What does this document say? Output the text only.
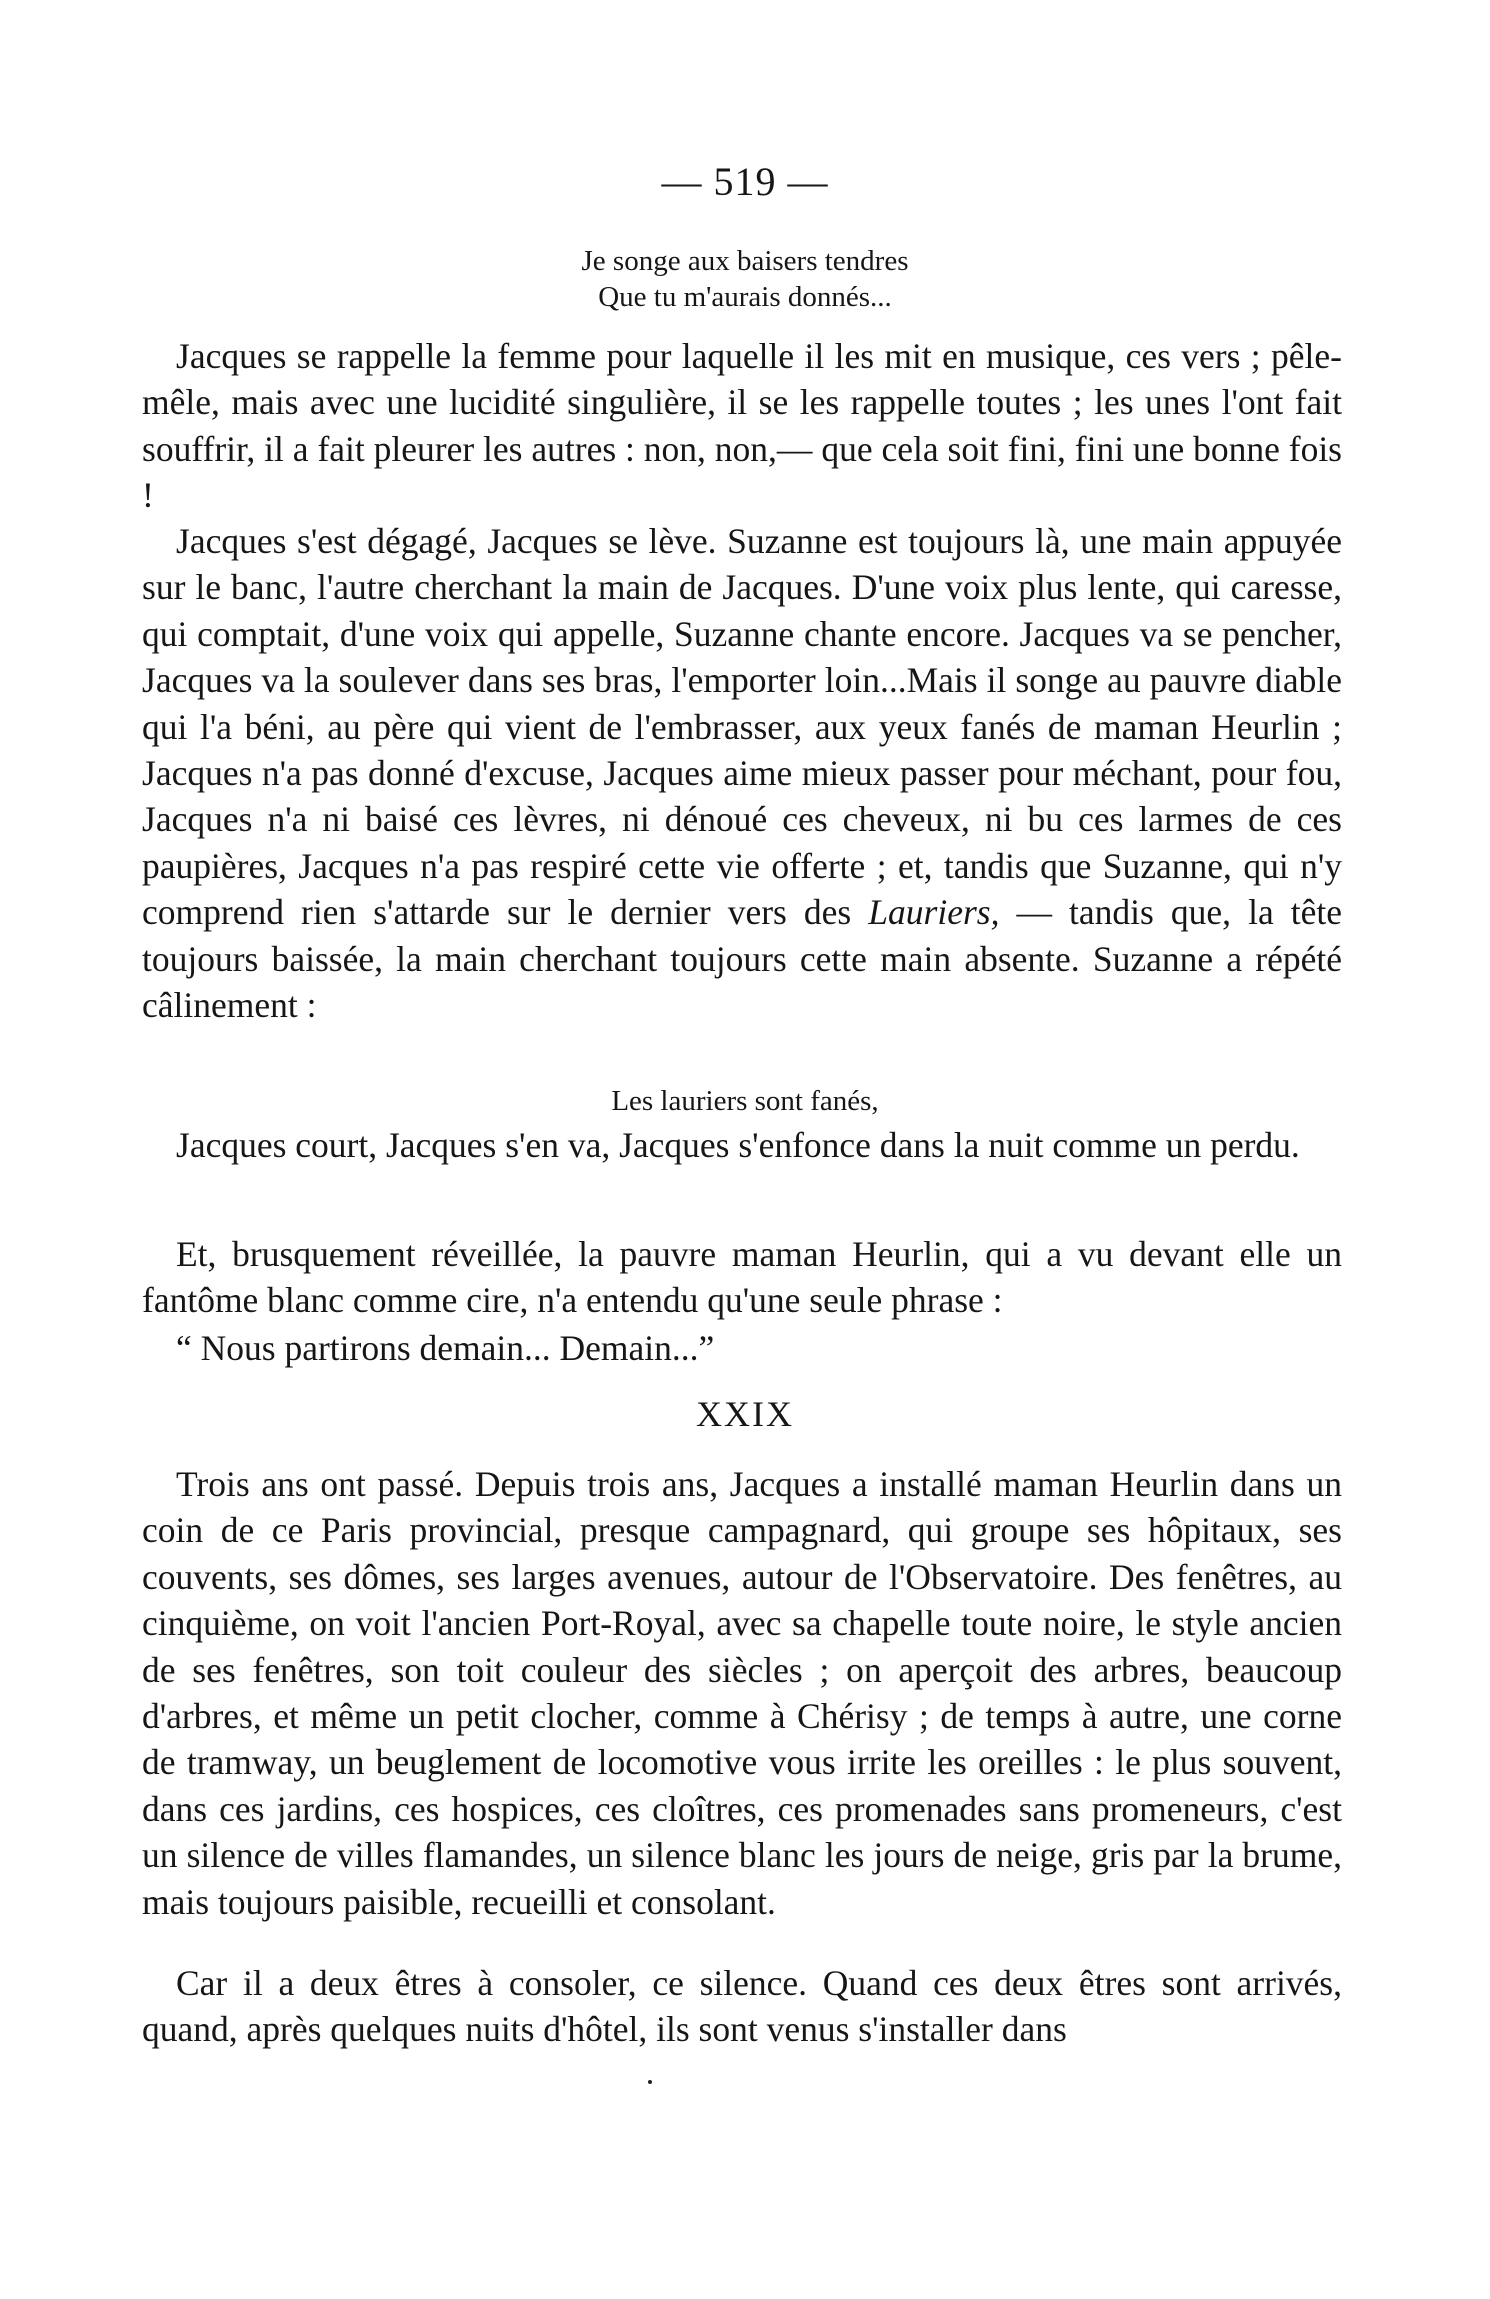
— 519 —
Je songe aux baisers tendres
Que tu m'aurais donnés...

Jacques se rappelle la femme pour laquelle il les mit en musique, ces vers ; pêle-mêle, mais avec une lucidité singulière, il se les rappelle toutes ; les unes l'ont fait souffrir, il a fait pleurer les autres : non, non,— que cela soit fini, fini une bonne fois !

Jacques s'est dégagé, Jacques se lève. Suzanne est toujours là, une main appuyée sur le banc, l'autre cherchant la main de Jacques. D'une voix plus lente, qui caresse, qui comptait, d'une voix qui appelle, Suzanne chante encore. Jacques va se pencher, Jacques va la soulever dans ses bras, l'emporter loin...Mais il songe au pauvre diable qui l'a béni, au père qui vient de l'embrasser, aux yeux fanés de maman Heurlin ; Jacques n'a pas donné d'excuse, Jacques aime mieux passer pour méchant, pour fou, Jacques n'a ni baisé ces lèvres, ni dénoué ces cheveux, ni bu ces larmes de ces paupières, Jacques n'a pas respiré cette vie offerte ; et, tandis que Suzanne, qui n'y comprend rien s'attarde sur le dernier vers des Lauriers, — tandis que, la tête toujours baissée, la main cherchant toujours cette main absente. Suzanne a répété câlinement :

Les lauriers sont fanés,

Jacques court, Jacques s'en va, Jacques s'enfonce dans la nuit comme un perdu.

Et, brusquement réveillée, la pauvre maman Heurlin, qui a vu devant elle un fantôme blanc comme cire, n'a entendu qu'une seule phrase :

“ Nous partirons demain... Demain...”

XXIX

Trois ans ont passé. Depuis trois ans, Jacques a installé maman Heurlin dans un coin de ce Paris provincial, presque campagnard, qui groupe ses hôpitaux, ses couvents, ses dômes, ses larges avenues, autour de l'Observatoire. Des fenêtres, au cinquième, on voit l'ancien Port-Royal, avec sa chapelle toute noire, le style ancien de ses fenêtres, son toit couleur des siècles ; on aperçoit des arbres, beaucoup d'arbres, et même un petit clocher, comme à Chérisy ; de temps à autre, une corne de tramway, un beuglement de locomotive vous irrite les oreilles : le plus souvent, dans ces jardins, ces hospices, ces cloîtres, ces promenades sans promeneurs, c'est un silence de villes flamandes, un silence blanc les jours de neige, gris par la brume, mais toujours paisible, recueilli et consolant.

Car il a deux êtres à consoler, ce silence. Quand ces deux êtres sont arrivés, quand, après quelques nuits d'hôtel, ils sont venus s'installer dans
